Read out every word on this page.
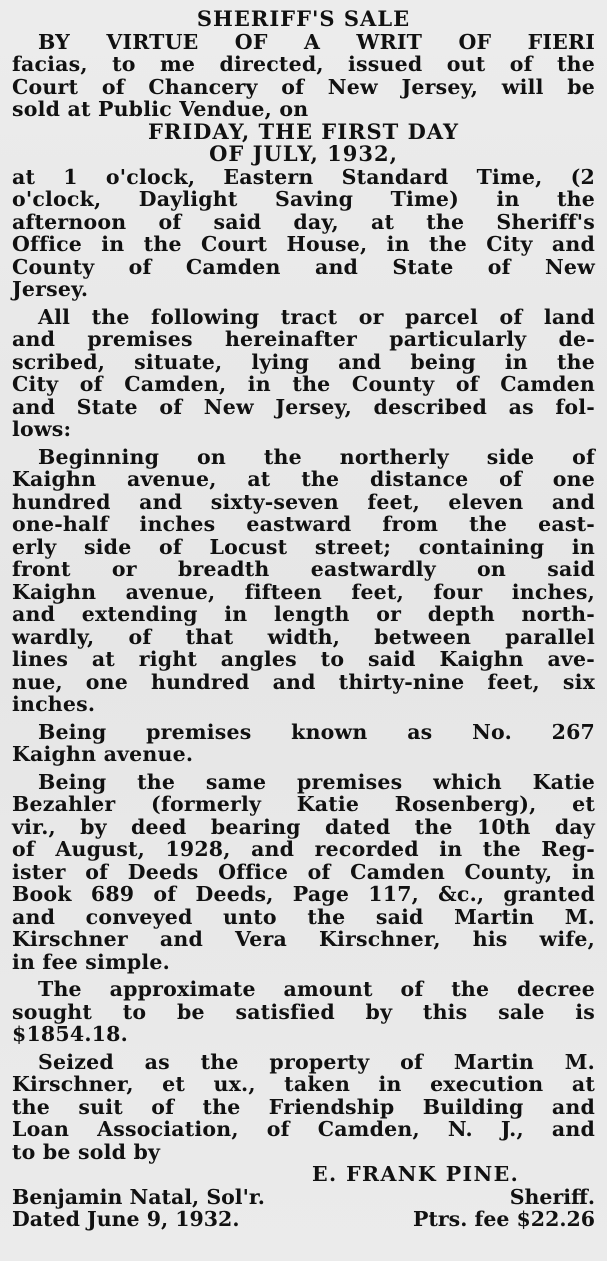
SHERIFF'S SALE
BY VIRTUE OF A WRIT OF FIERI
facias, to me directed, issued out of the
Court of Chancery of New Jersey, will be
sold at Public Vendue, on
FRIDAY, THE FIRST DAY
OF JULY, 1932,
at 1 o'clock, Eastern Standard Time, (2
o'clock, Daylight Saving Time) in the
afternoon of said day, at the Sheriff's
Office in the Court House, in the City and
County of Camden and State of New
Jersey.
All the following tract or parcel of land
and premises hereinafter particularly de-
scribed, situate, lying and being in the
City of Camden, in the County of Camden
and State of New Jersey, described as fol-
lows:
Beginning on the northerly side of
Kaighn avenue, at the distance of one
hundred and sixty-seven feet, eleven and
one-half inches eastward from the east-
erly side of Locust street; containing in
front or breadth eastwardly on said
Kaighn avenue, fifteen feet, four inches,
and extending in length or depth north-
wardly, of that width, between parallel
lines at right angles to said Kaighn ave-
nue, one hundred and thirty-nine feet, six
inches.
Being premises known as No. 267
Kaighn avenue.
Being the same premises which Katie
Bezahler (formerly Katie Rosenberg), et
vir., by deed bearing dated the 10th day
of August, 1928, and recorded in the Reg-
ister of Deeds Office of Camden County, in
Book 689 of Deeds, Page 117, &c., granted
and conveyed unto the said Martin M.
Kirschner and Vera Kirschner, his wife,
in fee simple.
The approximate amount of the decree
sought to be satisfied by this sale is
$1854.18.
Seized as the property of Martin M.
Kirschner, et ux., taken in execution at
the suit of the Friendship Building and
Loan Association, of Camden, N. J., and
to be sold by
E. FRANK PINE.
Benjamin Natal, Sol'r.	Sheriff.
Dated June 9, 1932.	Ptrs. fee $22.26
